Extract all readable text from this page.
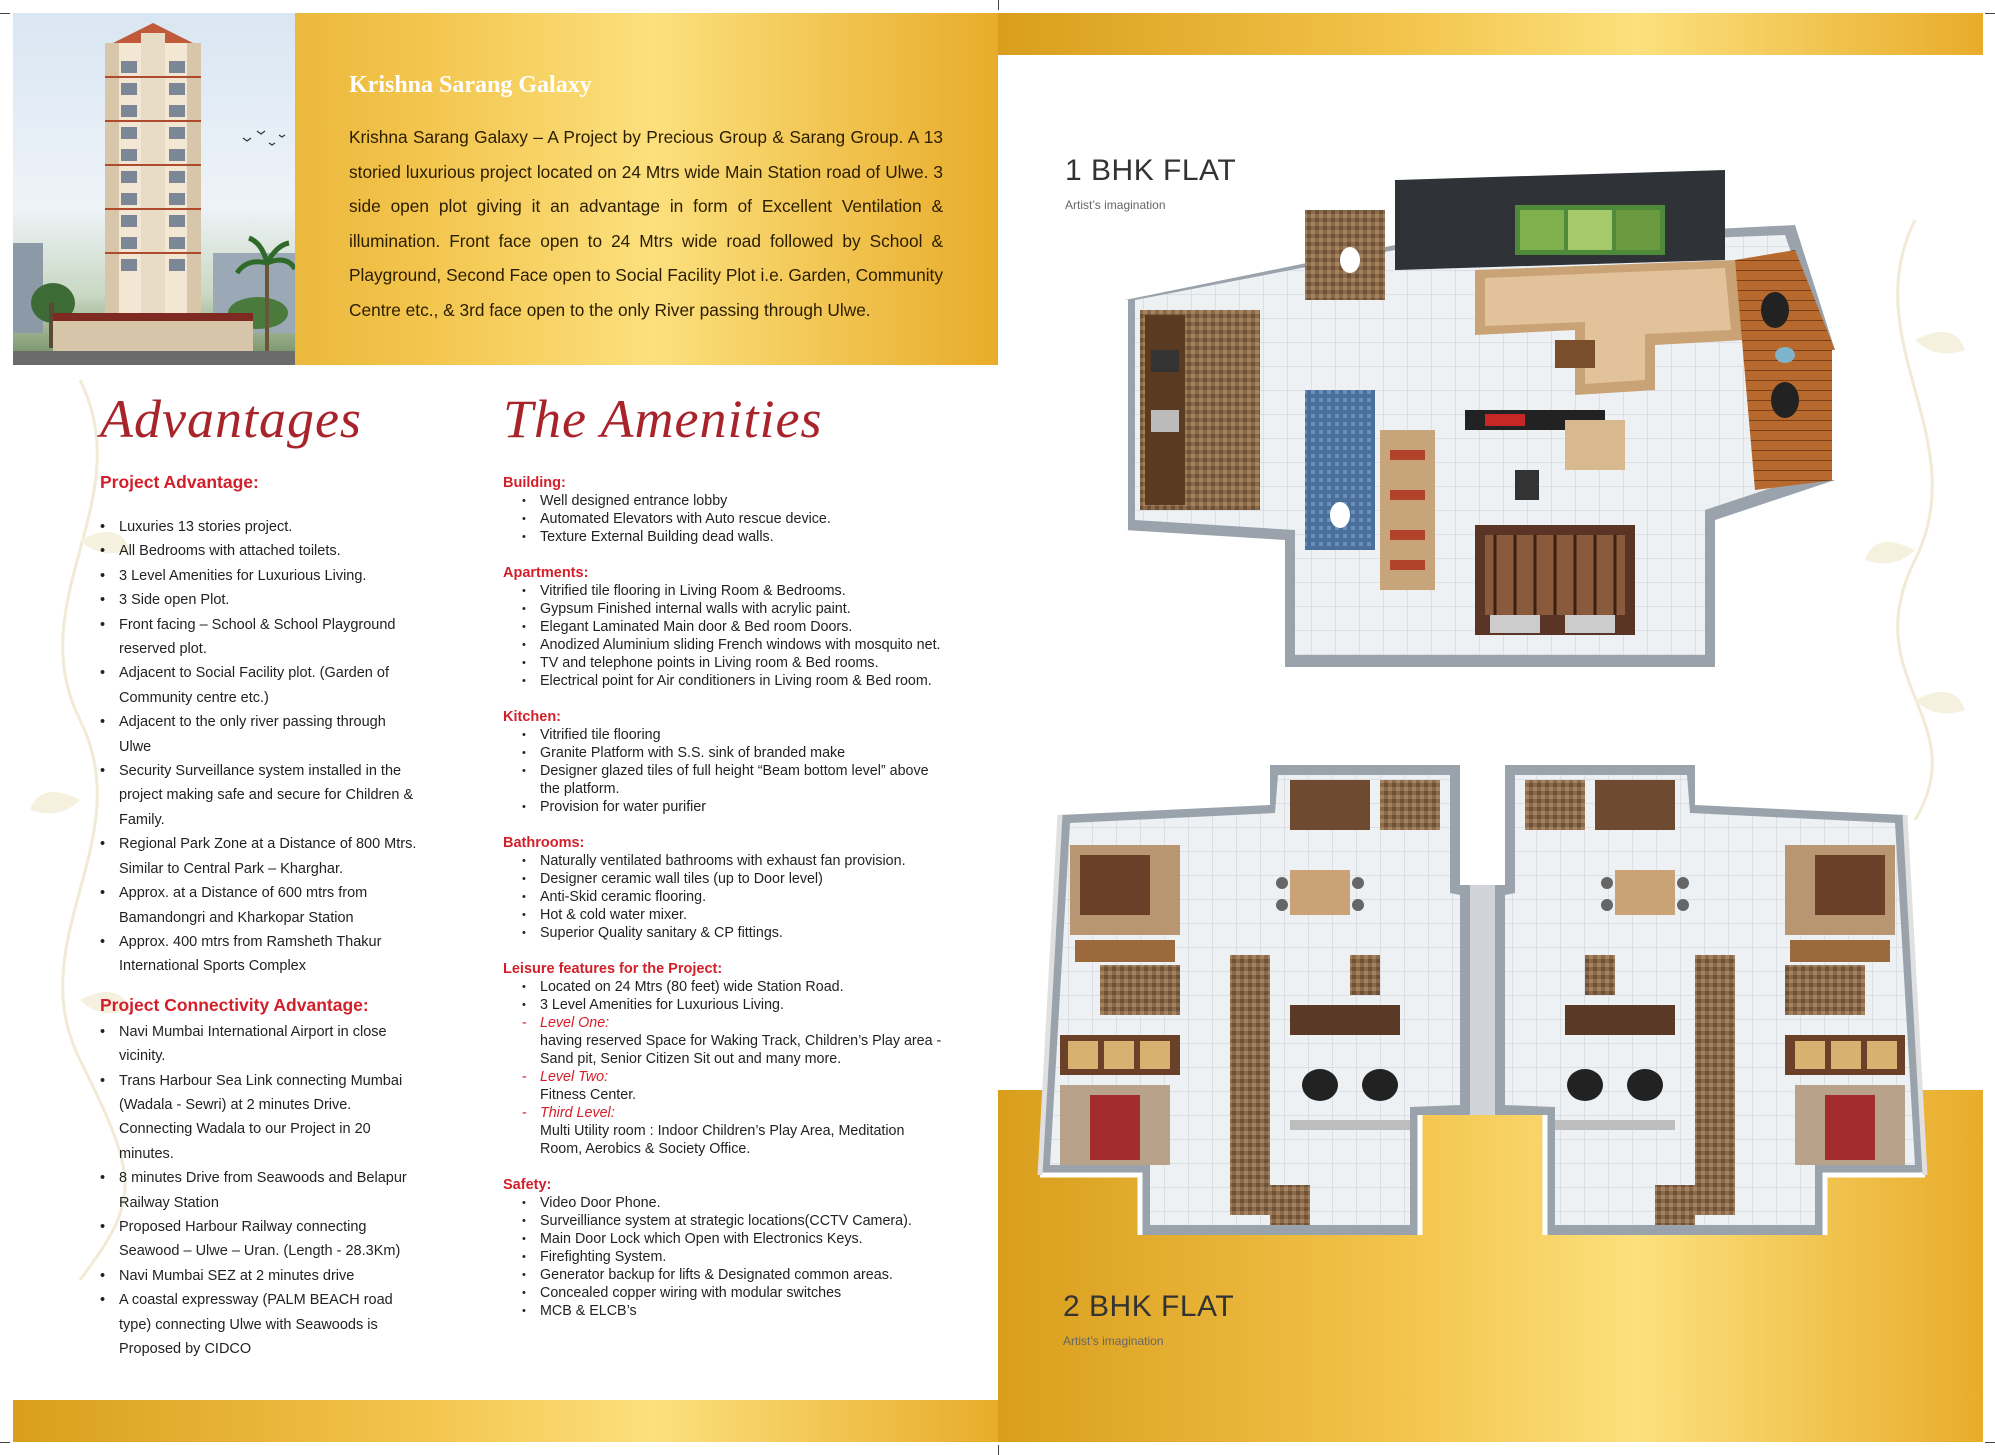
Krishna Sarang Galaxy
Krishna Sarang Galaxy – A Project by Precious Group & Sarang Group. A 13 storied luxurious project located on 24 Mtrs wide Main Station road of Ulwe. 3 side open plot giving it an advantage in form of Excellent Ventilation & illumination. Front face open to 24 Mtrs wide road followed by School & Playground, Second Face open to Social Facility Plot i.e. Garden, Community Centre etc., & 3rd face open to the only River passing through Ulwe.
Advantages	The Amenities
Project Advantage:
• Luxuries 13 stories project.
• All Bedrooms with attached toilets.
• 3 Level Amenities for Luxurious Living.
• 3 Side open Plot.
• Front facing – School & School Playground reserved plot.
• Adjacent to Social Facility plot. (Garden of Community centre etc.)
• Adjacent to the only river passing through Ulwe
• Security Surveillance system installed in the project making safe and secure for Children & Family.
• Regional Park Zone at a Distance of 800 Mtrs. Similar to Central Park – Kharghar.
• Approx. at a Distance of 600 mtrs from Bamandongri and Kharkopar Station
• Approx. 400 mtrs from Ramsheth Thakur International Sports Complex
Project Connectivity Advantage:
• Navi Mumbai International Airport in close vicinity.
• Trans Harbour Sea Link connecting Mumbai (Wadala - Sewri) at 2 minutes Drive. Connecting Wadala to our Project in 20 minutes.
• 8 minutes Drive from Seawoods and Belapur Railway Station
• Proposed Harbour Railway connecting Seawood – Ulwe – Uran. (Length - 28.3Km)
• Navi Mumbai SEZ at 2 minutes drive
• A coastal expressway (PALM BEACH road type) connecting Ulwe with Seawoods is Proposed by CIDCO
Building:
• Well designed entrance lobby
• Automated Elevators with Auto rescue device.
• Texture External Building dead walls.
Apartments:
• Vitrified tile flooring in Living Room & Bedrooms.
• Gypsum Finished internal walls with acrylic paint.
• Elegant Laminated Main door & Bed room Doors.
• Anodized Aluminium sliding French windows with mosquito net.
• TV and telephone points in Living room & Bed rooms.
• Electrical point for Air conditioners in Living room & Bed room.
Kitchen:
• Vitrified tile flooring
• Granite Platform with S.S. sink of branded make
• Designer glazed tiles of full height “Beam bottom level” above the platform.
• Provision for water purifier
Bathrooms:
• Naturally ventilated bathrooms with exhaust fan provision.
• Designer ceramic wall tiles (up to Door level)
• Anti-Skid ceramic flooring.
• Hot & cold water mixer.
• Superior Quality sanitary & CP fittings.
Leisure features for the Project:
• Located on 24 Mtrs (80 feet) wide Station Road.
• 3 Level Amenities for Luxurious Living.
- Level One:
having reserved Space for Waking Track, Children’s Play area - Sand pit, Senior Citizen Sit out and many more.
- Level Two:
Fitness Center.
- Third Level:
Multi Utility room : Indoor Children’s Play Area, Meditation Room, Aerobics & Society Office.
Safety:
• Video Door Phone.
• Surveilliance system at strategic locations(CCTV Camera).
• Main Door Lock which Open with Electronics Keys.
• Firefighting System.
• Generator backup for lifts & Designated common areas.
• Concealed copper wiring with modular switches
• MCB & ELCB’s
1 BHK FLAT
Artist’s imagination
2 BHK FLAT
Artist’s imagination
